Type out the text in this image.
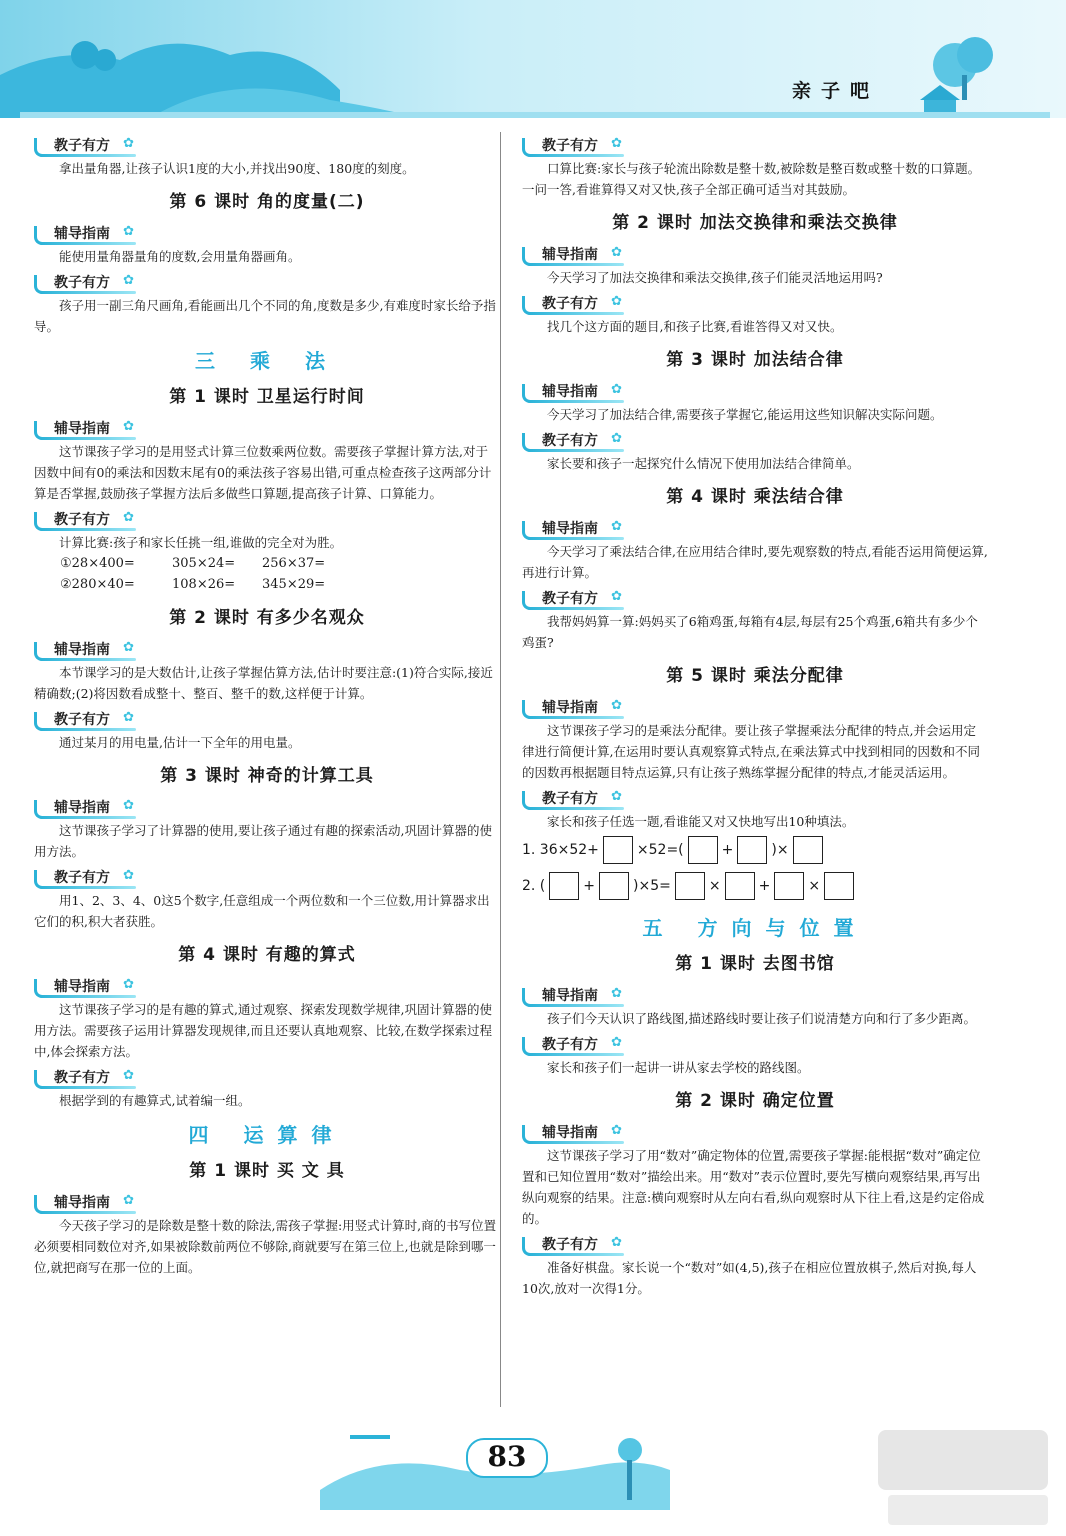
亲子吧
教子有方 ✿

拿出量角器,让孩子认识1度的大小,并找出90度、180度的刻度。

第 6 课时 角的度量(二)
辅导指南 ✿

能使用量角器量角的度数,会用量角器画角。

教子有方 ✿

孩子用一副三角尺画角,看能画出几个不同的角,度数是多少,有难度时家长给予指导。

三 乘 法
第 1 课时 卫星运行时间
辅导指南 ✿

这节课孩子学习的是用竖式计算三位数乘两位数。需要孩子掌握计算方法,对于因数中间有0的乘法和因数末尾有0的乘法孩子容易出错,可重点检查孩子这两部分计算是否掌握,鼓励孩子掌握方法后多做些口算题,提高孩子计算、口算能力。

教子有方 ✿

计算比赛:孩子和家长任挑一组,谁做的完全对为胜。

①28×400=	305×24= 256×37=
②280×40=	108×26= 345×29=
第 2 课时 有多少名观众
辅导指南 ✿

本节课学习的是大数估计,让孩子掌握估算方法,估计时要注意:(1)符合实际,接近精确数;(2)将因数看成整十、整百、整千的数,这样便于计算。

教子有方 ✿

通过某月的用电量,估计一下全年的用电量。

第 3 课时 神奇的计算工具
辅导指南 ✿

这节课孩子学习了计算器的使用,要让孩子通过有趣的探索活动,巩固计算器的使用方法。

教子有方 ✿

用1、2、3、4、0这5个数字,任意组成一个两位数和一个三位数,用计算器求出它们的积,积大者获胜。

第 4 课时 有趣的算式
辅导指南 ✿

这节课孩子学习的是有趣的算式,通过观察、探索发现数学规律,巩固计算器的使用方法。需要孩子运用计算器发现规律,而且还要认真地观察、比较,在数学探索过程中,体会探索方法。

教子有方 ✿

根据学到的有趣算式,试着编一组。

四 运算律
第 1 课时 买 文 具
辅导指南 ✿

今天孩子学习的是除数是整十数的除法,需孩子掌握:用竖式计算时,商的书写位置必须要相同数位对齐,如果被除数前两位不够除,商就要写在第三位上,也就是除到哪一位,就把商写在那一位的上面。

教子有方 ✿

口算比赛:家长与孩子轮流出除数是整十数,被除数是整百数或整十数的口算题。一问一答,看谁算得又对又快,孩子全部正确可适当对其鼓励。

第 2 课时 加法交换律和乘法交换律
辅导指南 ✿

今天学习了加法交换律和乘法交换律,孩子们能灵活地运用吗?

教子有方 ✿

找几个这方面的题目,和孩子比赛,看谁答得又对又快。

第 3 课时 加法结合律
辅导指南 ✿

今天学习了加法结合律,需要孩子掌握它,能运用这些知识解决实际问题。

教子有方 ✿

家长要和孩子一起探究什么情况下使用加法结合律简单。

第 4 课时 乘法结合律
辅导指南 ✿

今天学习了乘法结合律,在应用结合律时,要先观察数的特点,看能否运用简便运算,再进行计算。

教子有方 ✿

我帮妈妈算一算:妈妈买了6箱鸡蛋,每箱有4层,每层有25个鸡蛋,6箱共有多少个鸡蛋?

第 5 课时 乘法分配律
辅导指南 ✿

这节课孩子学习的是乘法分配律。要让孩子掌握乘法分配律的特点,并会运用定律进行简便计算,在运用时要认真观察算式特点,在乘法算式中找到相同的因数和不同的因数再根据题目特点运算,只有让孩子熟练掌握分配律的特点,才能灵活运用。

教子有方 ✿

家长和孩子任选一题,看谁能又对又快地写出10种填法。

1. 36×52+	×52=(	+	)×
2. (	+	)×5=	×	+	×
五 方向与位置
第 1 课时 去图书馆
辅导指南 ✿

孩子们今天认识了路线图,描述路线时要让孩子们说清楚方向和行了多少距离。

教子有方 ✿

家长和孩子们一起讲一讲从家去学校的路线图。

第 2 课时 确定位置
辅导指南 ✿

这节课孩子学习了用“数对”确定物体的位置,需要孩子掌握:能根据“数对”确定位置和已知位置用“数对”描绘出来。用“数对”表示位置时,要先写横向观察结果,再写出纵向观察的结果。注意:横向观察时从左向右看,纵向观察时从下往上看,这是约定俗成的。

教子有方 ✿

准备好棋盘。家长说一个“数对”如(4,5),孩子在相应位置放棋子,然后对换,每人10次,放对一次得1分。

83
